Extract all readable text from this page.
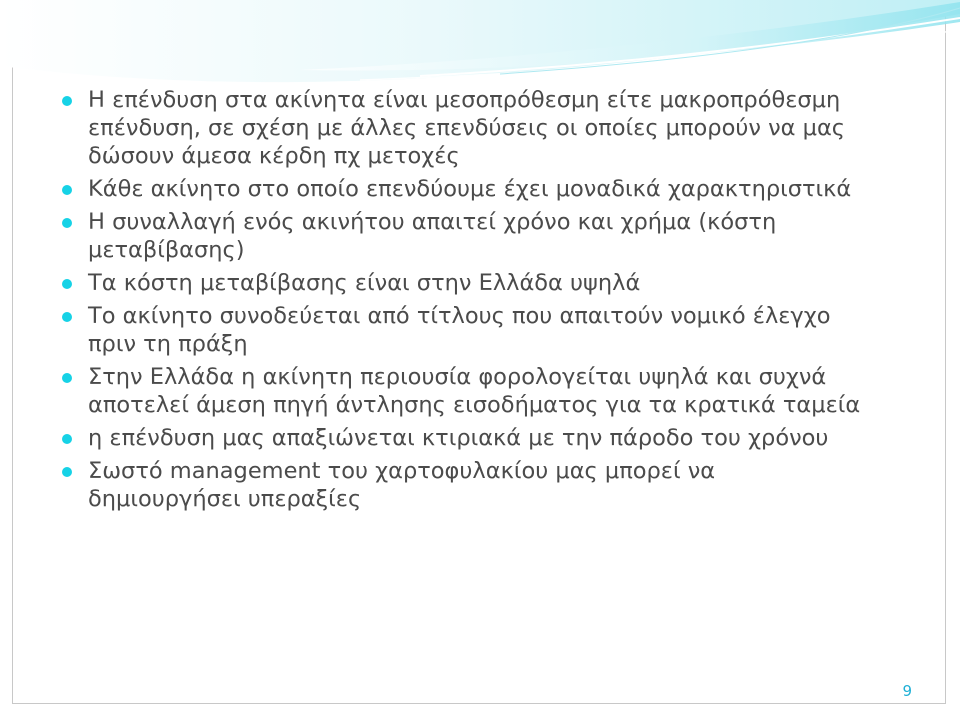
Η επένδυση στα ακίνητα είναι μεσοπρόθεσμη είτε μακροπρόθεσμη επένδυση, σε σχέση με άλλες επενδύσεις οι οποίες μπορούν να μας δώσουν άμεσα κέρδη πχ μετοχές
Κάθε ακίνητο στο οποίο επενδύουμε έχει μοναδικά χαρακτηριστικά
Η συναλλαγή ενός ακινήτου απαιτεί χρόνο και χρήμα (κόστη μεταβίβασης)
Τα κόστη μεταβίβασης είναι στην Ελλάδα υψηλά
Το ακίνητο συνοδεύεται από τίτλους που απαιτούν νομικό έλεγχο πριν τη πράξη
Στην Ελλάδα η ακίνητη περιουσία φορολογείται υψηλά και συχνά αποτελεί άμεση πηγή άντλησης εισοδήματος για τα κρατικά ταμεία
η επένδυση μας απαξιώνεται κτιριακά με την πάροδο του χρόνου
Σωστό management του χαρτοφυλακίου μας μπορεί να δημιουργήσει υπεραξίες
9
